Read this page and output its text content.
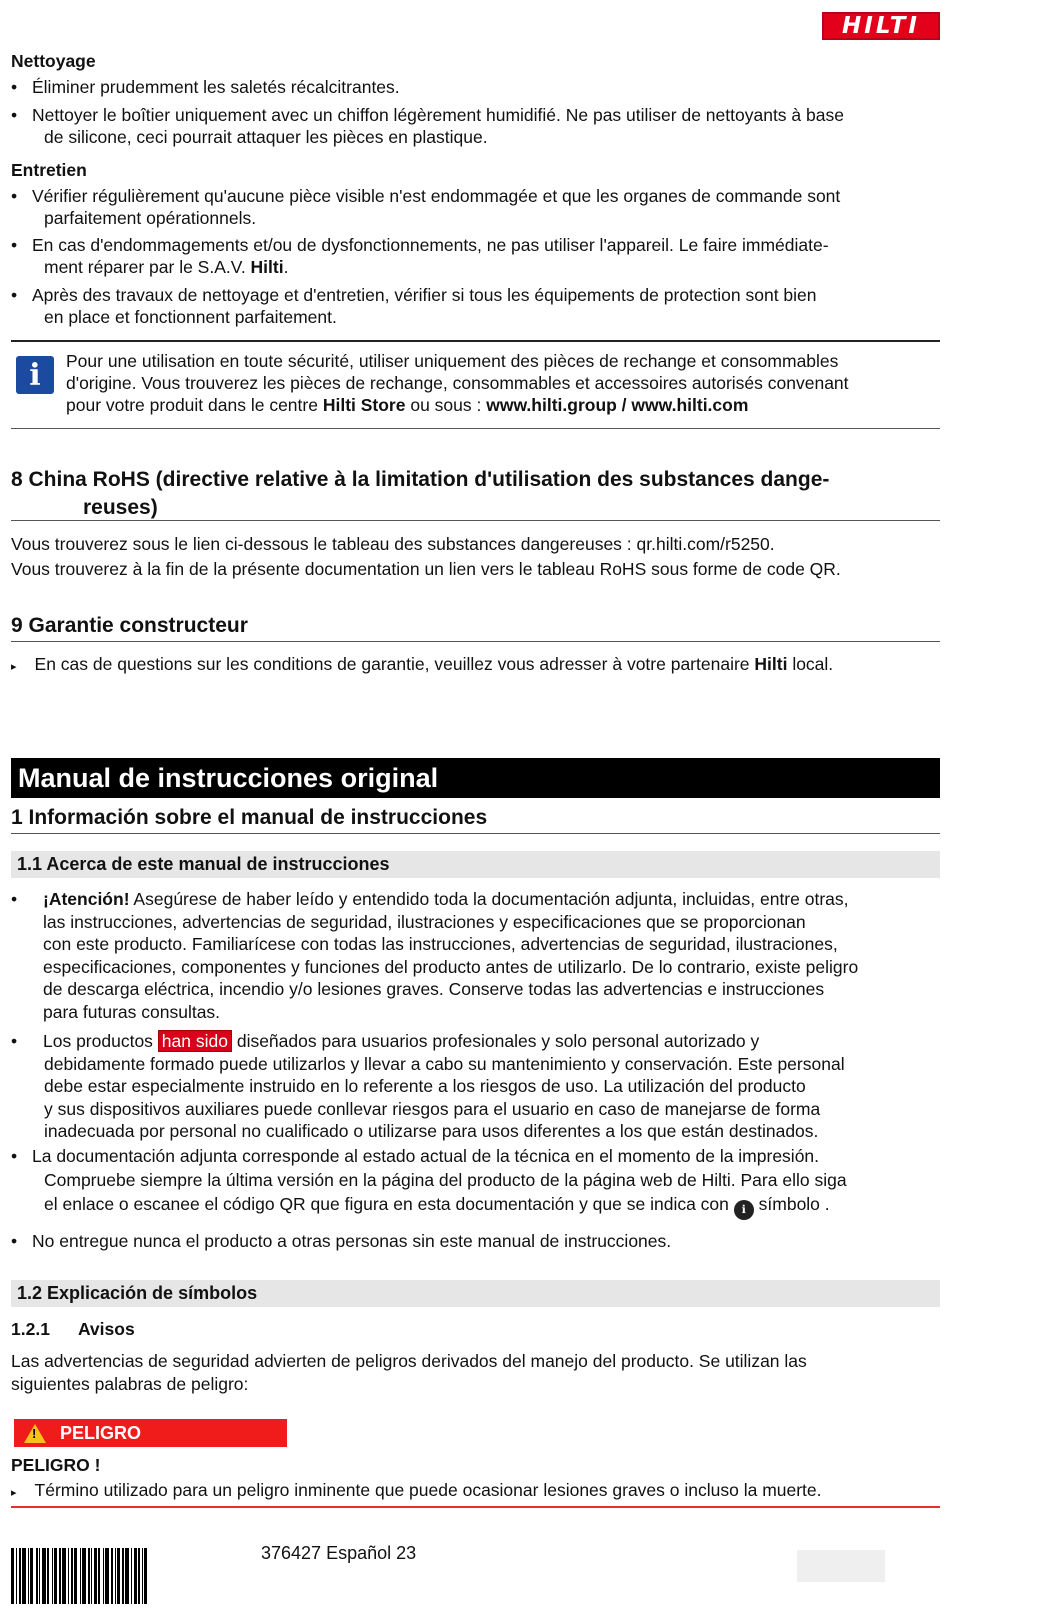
HILTI
Nettoyage
• Éliminer prudemment les saletés récalcitrantes.
• Nettoyer le boîtier uniquement avec un chiffon légèrement humidifié. Ne pas utiliser de nettoyants à base
de silicone, ceci pourrait attaquer les pièces en plastique.
Entretien
• Vérifier régulièrement qu'aucune pièce visible n'est endommagée et que les organes de commande sont
parfaitement opérationnels.
• En cas d'endommagements et/ou de dysfonctionnements, ne pas utiliser l'appareil. Le faire immédiate-
ment réparer par le S.A.V. Hilti.
• Après des travaux de nettoyage et d'entretien, vérifier si tous les équipements de protection sont bien
en place et fonctionnent parfaitement.
i	Pour une utilisation en toute sécurité, utiliser uniquement des pièces de rechange et consommables
d'origine. Vous trouverez les pièces de rechange, consommables et accessoires autorisés convenant
pour votre produit dans le centre Hilti Store ou sous : www.hilti.group / www.hilti.com
8 China RoHS (directive relative à la limitation d'utilisation des substances dange-
reuses)
Vous trouverez sous le lien ci-dessous le tableau des substances dangereuses : qr.hilti.com/r5250.
Vous trouverez à la fin de la présente documentation un lien vers le tableau RoHS sous forme de code QR.
9 Garantie constructeur
▸ En cas de questions sur les conditions de garantie, veuillez vous adresser à votre partenaire Hilti local.
Manual de instrucciones original
1 Información sobre el manual de instrucciones
1.1 Acerca de este manual de instrucciones
• ¡Atención! Asegúrese de haber leído y entendido toda la documentación adjunta, incluidas, entre otras,
las instrucciones, advertencias de seguridad, ilustraciones y especificaciones que se proporcionan
con este producto. Familiarícese con todas las instrucciones, advertencias de seguridad, ilustraciones,
especificaciones, componentes y funciones del producto antes de utilizarlo. De lo contrario, existe peligro
de descarga eléctrica, incendio y/o lesiones graves. Conserve todas las advertencias e instrucciones
para futuras consultas.
• Los productos han sido diseñados para usuarios profesionales y solo personal autorizado y
debidamente formado puede utilizarlos y llevar a cabo su mantenimiento y conservación. Este personal
debe estar especialmente instruido en lo referente a los riesgos de uso. La utilización del producto
y sus dispositivos auxiliares puede conllevar riesgos para el usuario en caso de manejarse de forma
inadecuada por personal no cualificado o utilizarse para usos diferentes a los que están destinados.
• La documentación adjunta corresponde al estado actual de la técnica en el momento de la impresión.
Compruebe siempre la última versión en la página del producto de la página web de Hilti. Para ello siga
el enlace o escanee el código QR que figura en esta documentación y que se indica con ℹ símbolo .
• No entregue nunca el producto a otras personas sin este manual de instrucciones.
1.2 Explicación de símbolos
1.2.1 Avisos
Las advertencias de seguridad advierten de peligros derivados del manejo del producto. Se utilizan las
siguientes palabras de peligro:
! PELIGRO
PELIGRO !
▸ Término utilizado para un peligro inminente que puede ocasionar lesiones graves o incluso la muerte.
376427 Español 23
